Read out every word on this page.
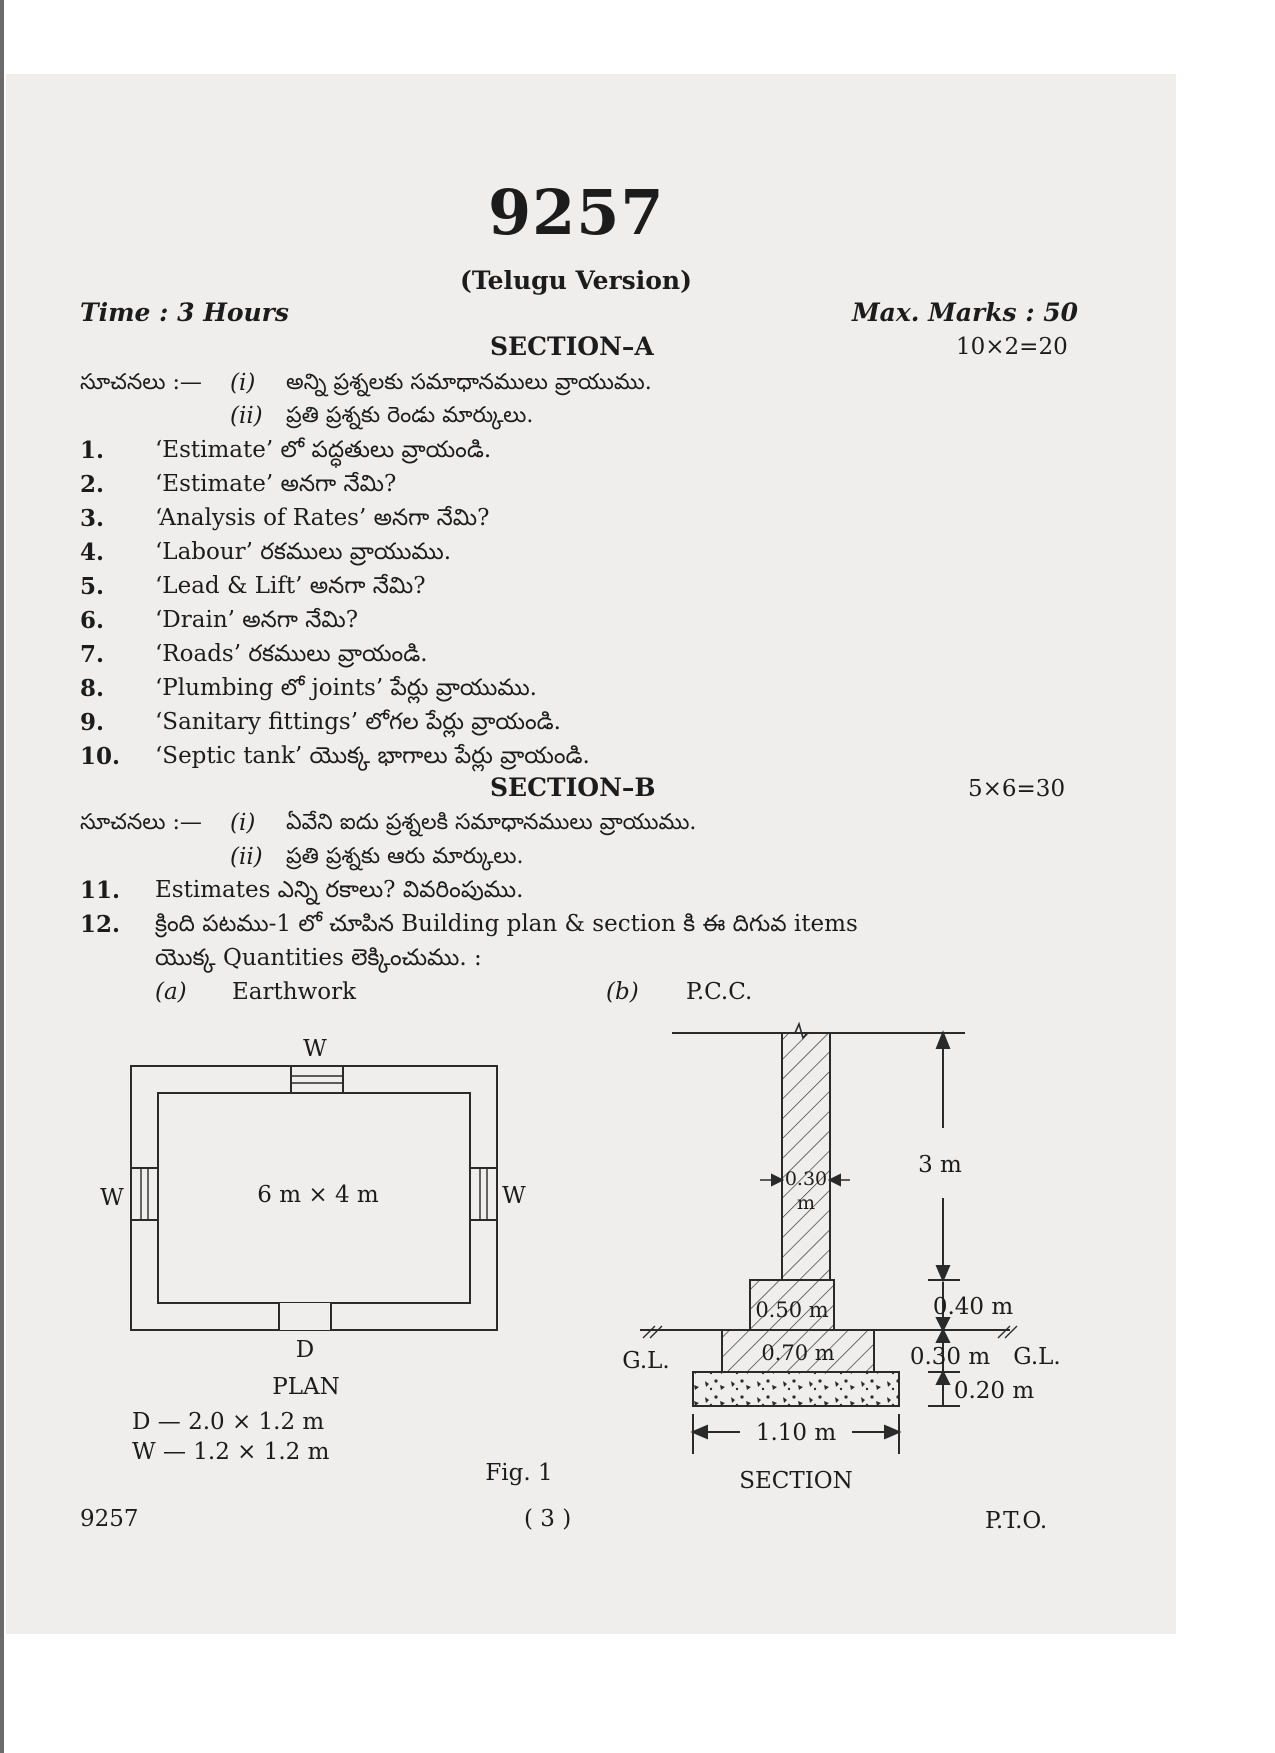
9257
(Telugu Version)
Time : 3 Hours	Max. Marks : 50
SECTION–A	10×2=20
సూచనలు :— (i) అన్ని ప్రశ్నలకు సమాధానములు వ్రాయుము.
(ii) ప్రతి ప్రశ్నకు రెండు మార్కులు.
1. ‘Estimate’ లో పద్ధతులు వ్రాయండి.
2. ‘Estimate’ అనగా నేమి?
3. ‘Analysis of Rates’ అనగా నేమి?
4. ‘Labour’ రకములు వ్రాయుము.
5. ‘Lead & Lift’ అనగా నేమి?
6. ‘Drain’ అనగా నేమి?
7. ‘Roads’ రకములు వ్రాయండి.
8. ‘Plumbing లో joints’ పేర్లు వ్రాయుము.
9. ‘Sanitary fittings’ లోగల పేర్లు వ్రాయండి.
10. ‘Septic tank’ యొక్క భాగాలు పేర్లు వ్రాయండి.
SECTION–B	5×6=30
సూచనలు :— (i) ఏవేని ఐదు ప్రశ్నలకి సమాధానములు వ్రాయుము.
(ii) ప్రతి ప్రశ్నకు ఆరు మార్కులు.
11. Estimates ఎన్ని రకాలు? వివరింపుము.
12. క్రింది పటము-1 లో చూపిన Building plan & section కి ఈ దిగువ items
యొక్క Quantities లెక్కించుము. :
(a) Earthwork	(b) P.C.C.
W
W	W
D
6 m × 4 m
PLAN
D — 2.0 × 1.2 m
W — 1.2 × 1.2 m
Fig. 1
3 m
0.30
m
0.50 m	0.40 m
0.70 m	0.30 m G.L.
G.L.
0.20 m
1.10 m
SECTION
9257	( 3 )	P.T.O.
